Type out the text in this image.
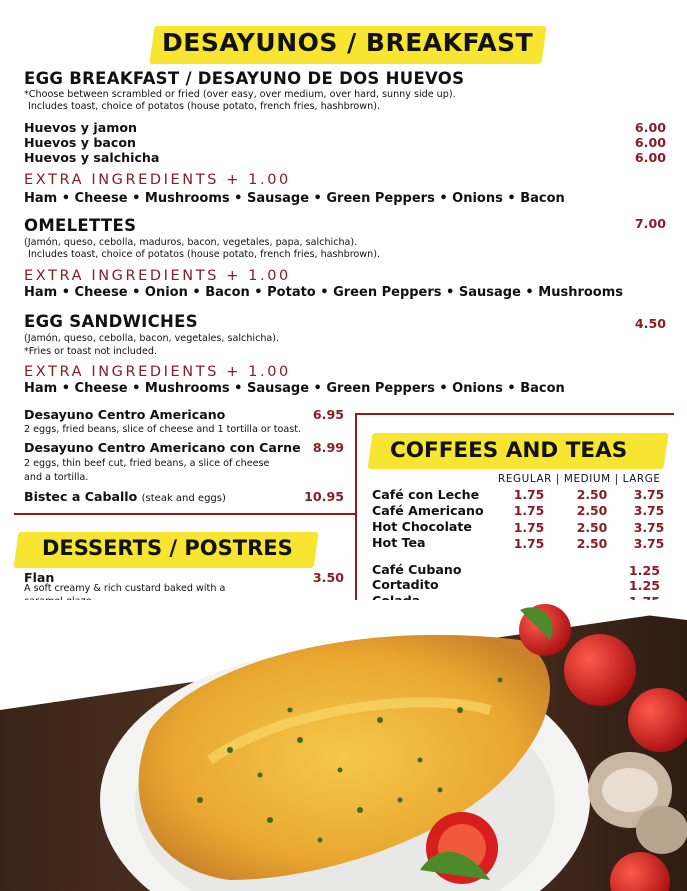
DESAYUNOS / BREAKFAST
EGG BREAKFAST / DESAYUNO DE DOS HUEVOS
*Choose between scrambled or fried (over easy, over medium, over hard, sunny side up).
Includes toast, choice of potatos (house potato, french fries, hashbrown).
Huevos y jamon	6.00
Huevos y bacon	6.00
Huevos y salchicha	6.00
EXTRA INGREDIENTS + 1.00
Ham • Cheese • Mushrooms • Sausage • Green Peppers • Onions • Bacon
OMELETTES	7.00
(Jamón, queso, cebolla, maduros, bacon, vegetales, papa, salchicha).
Includes toast, choice of potatos (house potato, french fries, hashbrown).
EXTRA INGREDIENTS + 1.00
Ham • Cheese • Onion • Bacon • Potato • Green Peppers • Sausage • Mushrooms
EGG SANDWICHES	4.50
(Jamón, queso, cebolla, bacon, vegetales, salchicha).
*Fries or toast not included.
EXTRA INGREDIENTS + 1.00
Ham • Cheese • Mushrooms • Sausage • Green Peppers • Onions • Bacon
Desayuno Centro Americano	6.95
2 eggs, fried beans, slice of cheese and 1 tortilla or toast.
Desayuno Centro Americano con Carne 8.99
2 eggs, thin beef cut, fried beans, a slice of cheese
and a tortilla.
Bistec a Caballo (steak and eggs)	10.95
COFFEES AND TEAS
REGULAR | MEDIUM | LARGE
Café con Leche	1.75	2.50	3.75
Café Americano	1.75	2.50	3.75
Hot Chocolate	1.75	2.50	3.75
Hot Tea	1.75	2.50	3.75
Café Cubano	1.25
Cortadito	1.25
DESSERTS / POSTRES
Flan	3.50
A soft creamy & rich custard baked with a
